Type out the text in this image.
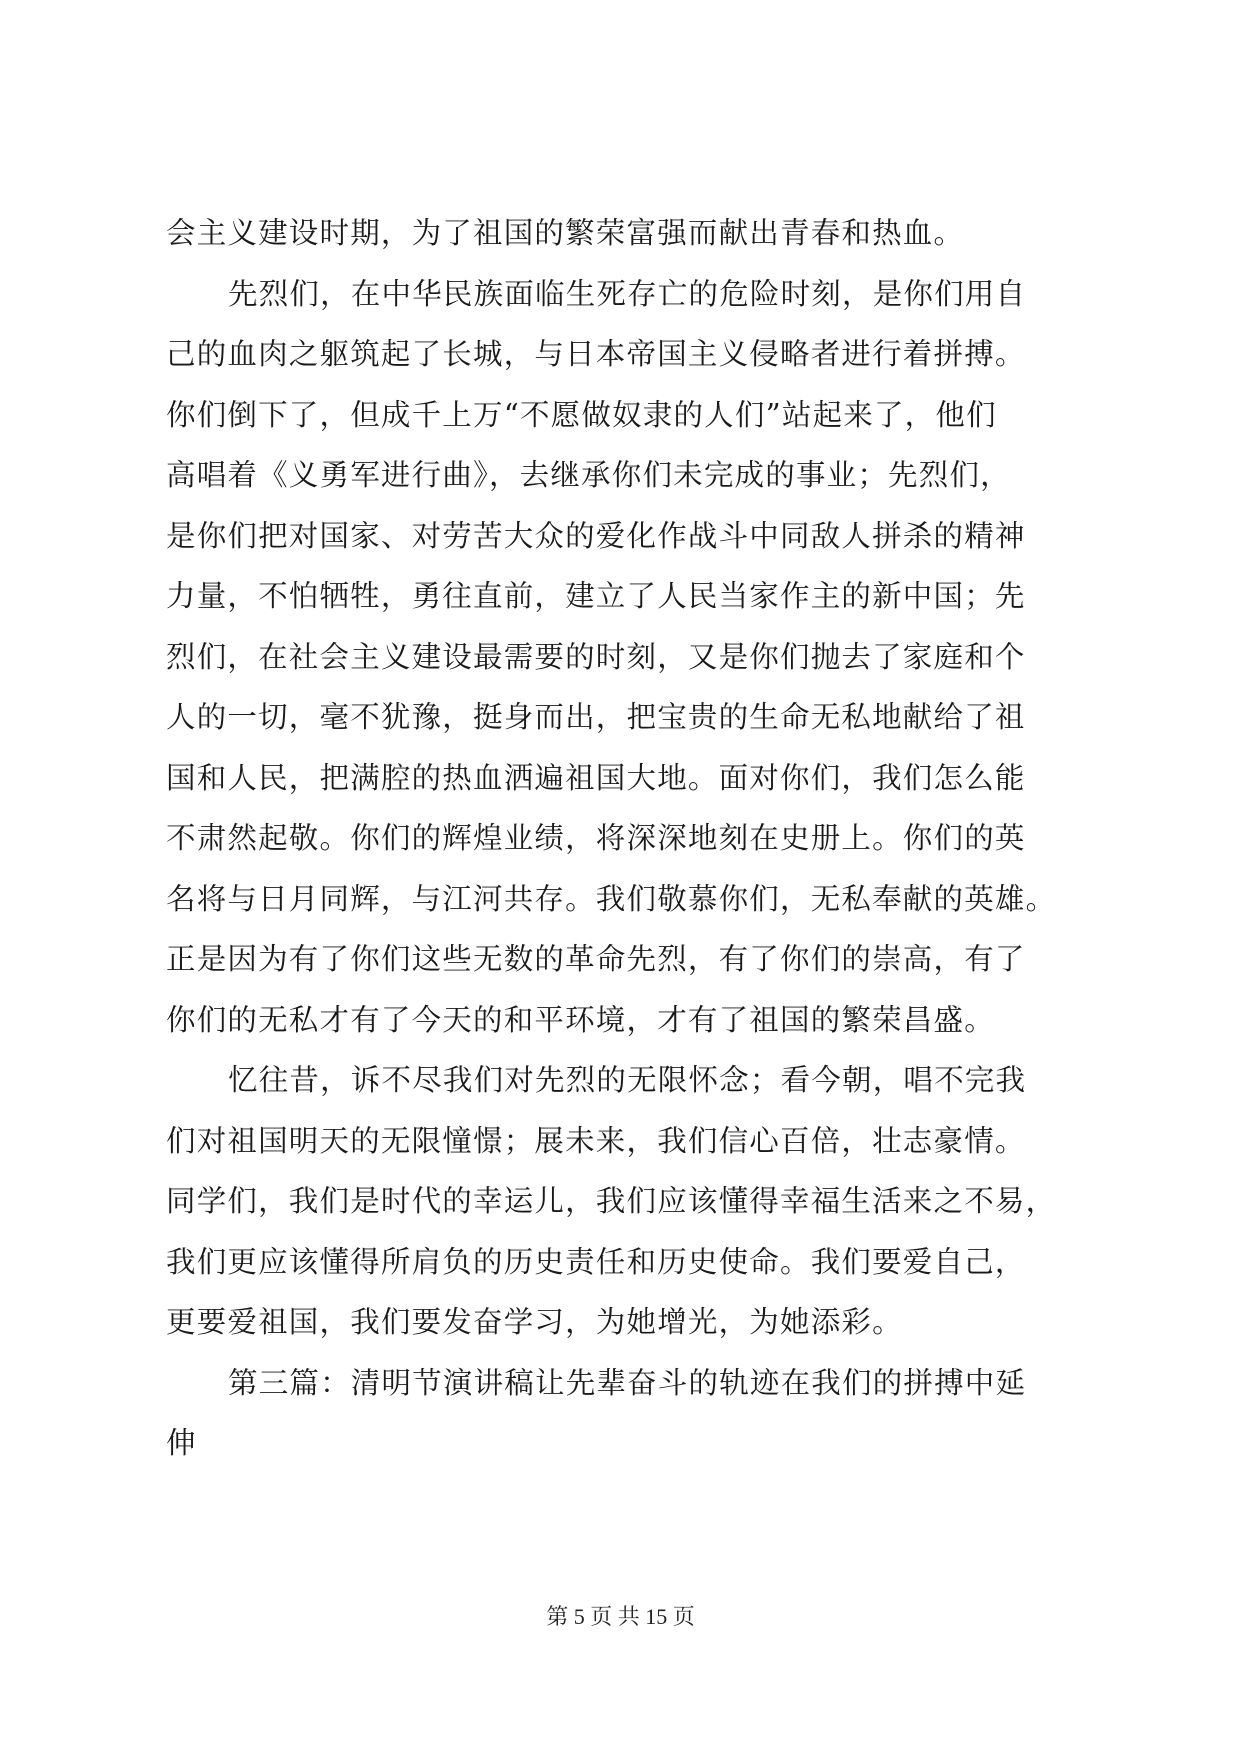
会主义建设时期，为了祖国的繁荣富强而献出青春和热血。
先烈们，在中华民族面临生死存亡的危险时刻，是你们用自
己的血肉之躯筑起了长城，与日本帝国主义侵略者进行着拼搏。
你们倒下了，但成千上万“不愿做奴隶的人们”站起来了，他们
高唱着《义勇军进行曲》，去继承你们未完成的事业；先烈们，
是你们把对国家、对劳苦大众的爱化作战斗中同敌人拼杀的精神
力量，不怕牺牲，勇往直前，建立了人民当家作主的新中国；先
烈们，在社会主义建设最需要的时刻，又是你们抛去了家庭和个
人的一切，毫不犹豫，挺身而出，把宝贵的生命无私地献给了祖
国和人民，把满腔的热血洒遍祖国大地。面对你们，我们怎么能
不肃然起敬。你们的辉煌业绩，将深深地刻在史册上。你们的英
名将与日月同辉，与江河共存。我们敬慕你们，无私奉献的英雄。
正是因为有了你们这些无数的革命先烈，有了你们的崇高，有了
你们的无私才有了今天的和平环境，才有了祖国的繁荣昌盛。
忆往昔，诉不尽我们对先烈的无限怀念；看今朝，唱不完我
们对祖国明天的无限憧憬；展未来，我们信心百倍，壮志豪情。
同学们，我们是时代的幸运儿，我们应该懂得幸福生活来之不易，
我们更应该懂得所肩负的历史责任和历史使命。我们要爱自己，
更要爱祖国，我们要发奋学习，为她增光，为她添彩。
第三篇：清明节演讲稿让先辈奋斗的轨迹在我们的拼搏中延
伸
第 5 页 共 15 页
